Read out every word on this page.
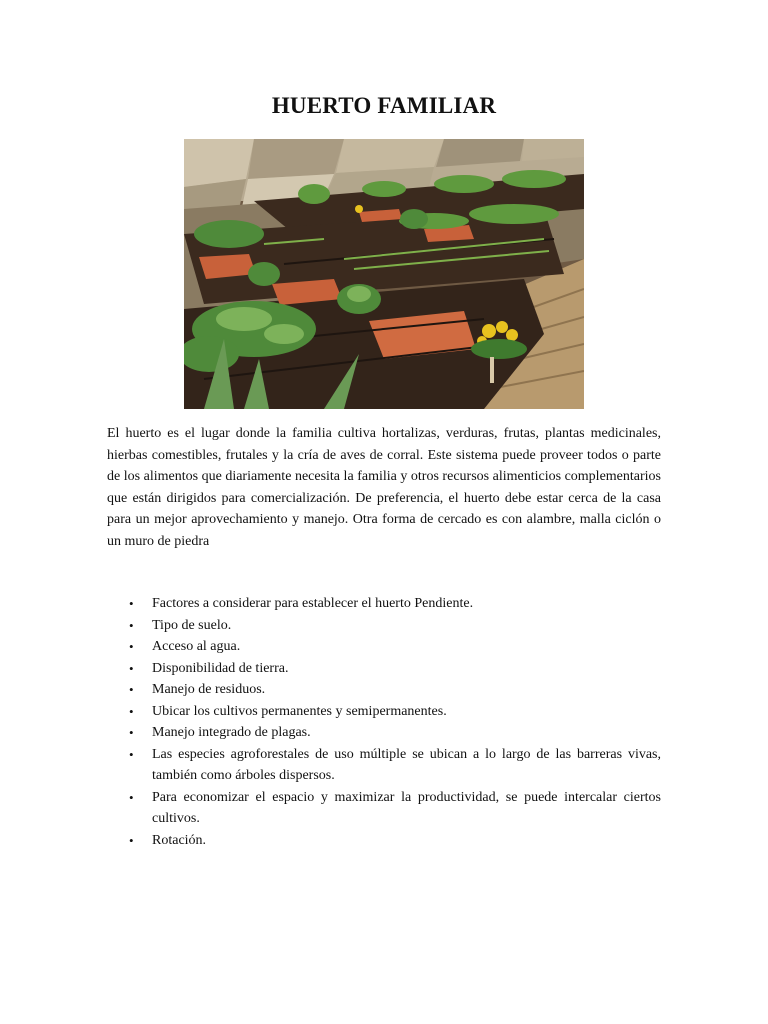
HUERTO FAMILIAR

El huerto es el lugar donde la familia cultiva hortalizas, verduras, frutas, plantas medicinales, hierbas comestibles, frutales y la cría de aves de corral. Este sistema puede proveer todos o parte de los alimentos que diariamente necesita la familia y otros recursos alimenticios complementarios que están dirigidos para comercialización. De preferencia, el huerto debe estar cerca de la casa para un mejor aprovechamiento y manejo. Otra forma de cercado es con alambre, malla ciclón o un muro de piedra

• Factores a considerar para establecer el huerto Pendiente.
• Tipo de suelo.
• Acceso al agua.
• Disponibilidad de tierra.
• Manejo de residuos.
• Ubicar los cultivos permanentes y semipermanentes.
• Manejo integrado de plagas.
• Las especies agroforestales de uso múltiple se ubican a lo largo de las barreras vivas, también como árboles dispersos.
• Para economizar el espacio y maximizar la productividad, se puede intercalar ciertos cultivos.
• Rotación.
